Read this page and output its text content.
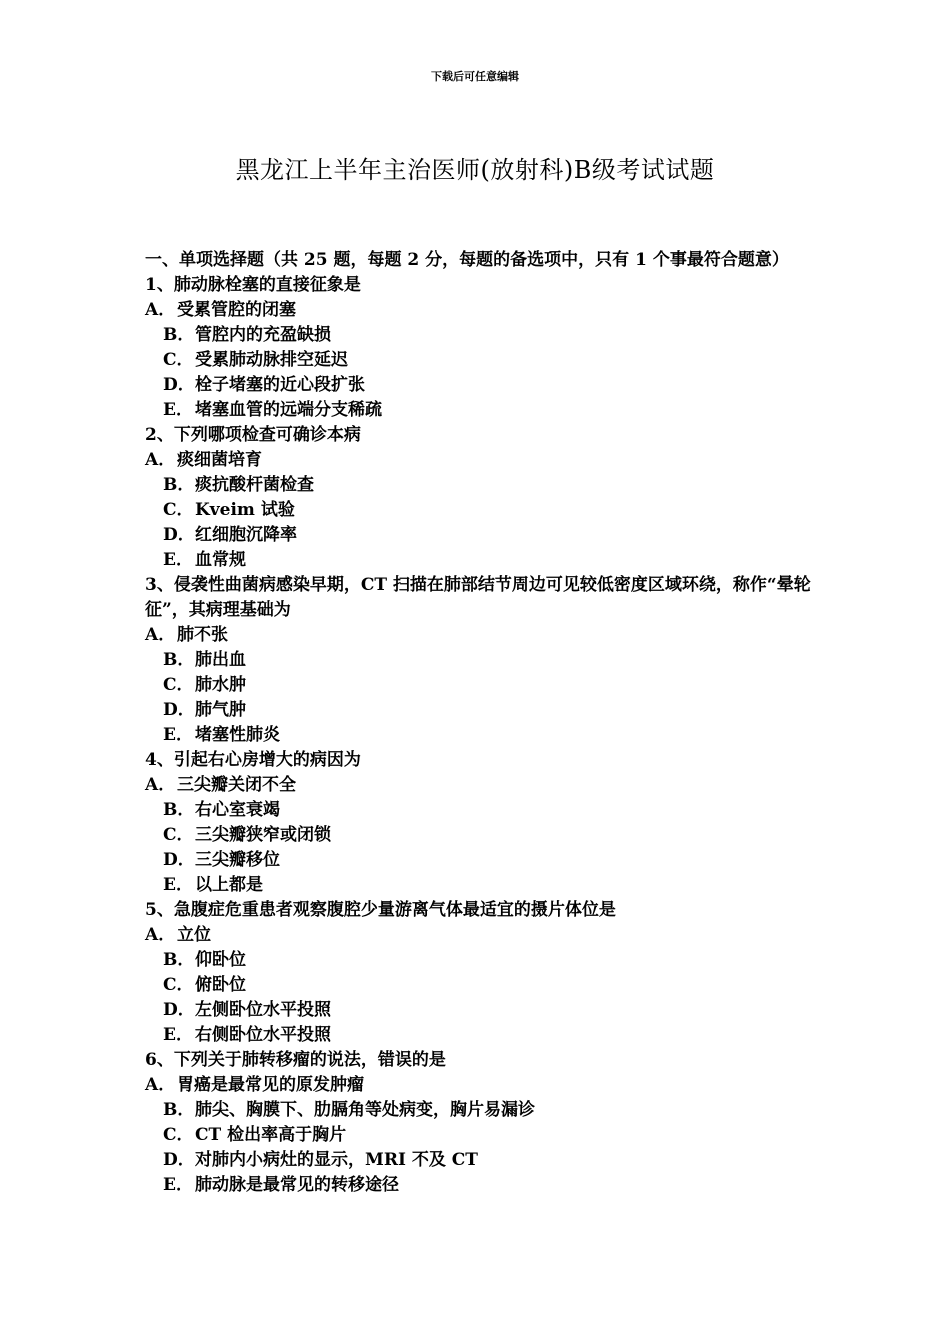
下载后可任意编辑
黑龙江上半年主治医师(放射科)B级考试试题

一、单项选择题（共 25 题，每题 2 分，每题的备选项中，只有 1 个事最符合题意）

1、肺动脉栓塞的直接征象是

A． 受累管腔的闭塞

B．管腔内的充盈缺损

C．受累肺动脉排空延迟

D．栓子堵塞的近心段扩张

E． 堵塞血管的远端分支稀疏

2、下列哪项检查可确诊本病

A． 痰细菌培育

B．痰抗酸杆菌检查

C．Kveim 试验

D．红细胞沉降率

E． 血常规

3、侵袭性曲菌病感染早期，CT 扫描在肺部结节周边可见较低密度区域环绕，称作“晕轮征”，其病理基础为

A． 肺不张

B．肺出血

C．肺水肿

D．肺气肿

E． 堵塞性肺炎

4、引起右心房增大的病因为

A． 三尖瓣关闭不全

B．右心室衰竭

C．三尖瓣狭窄或闭锁

D．三尖瓣移位

E． 以上都是

5、急腹症危重患者观察腹腔少量游离气体最适宜的摄片体位是

A． 立位

B．仰卧位

C．俯卧位

D．左侧卧位水平投照

E． 右侧卧位水平投照

6、下列关于肺转移瘤的说法，错误的是

A． 胃癌是最常见的原发肿瘤

B．肺尖、胸膜下、肋膈角等处病变，胸片易漏诊

C．CT 检出率高于胸片

D．对肺内小病灶的显示，MRI 不及 CT

E． 肺动脉是最常见的转移途径
